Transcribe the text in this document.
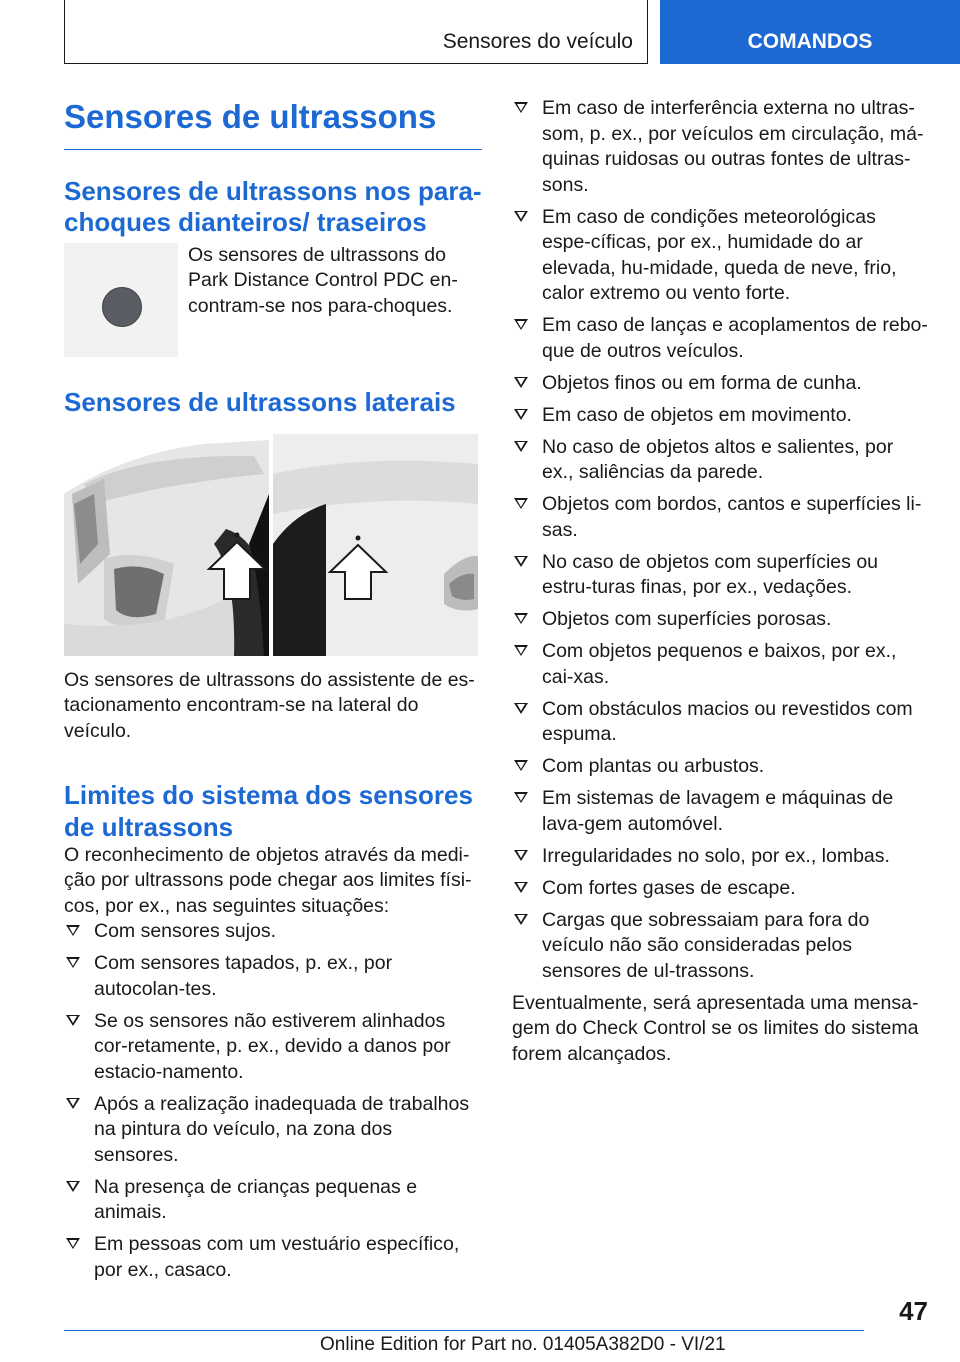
Sensores do veículo	COMANDOS
Sensores de ultrassons
Sensores de ultrassons nos para-choques dianteiros/ traseiros

Os sensores de ultrassons do Park Distance Control PDC en-contram-se nos para-choques.

Sensores de ultrassons laterais

Os sensores de ultrassons do assistente de es-tacionamento encontram-se na lateral do veículo.

Limites do sistema dos sensores de ultrassons

O reconhecimento de objetos através da medi-ção por ultrassons pode chegar aos limites físi-cos, por ex., nas seguintes situações:

Com sensores sujos.
Com sensores tapados, p. ex., por autocolan-tes.
Se os sensores não estiverem alinhados cor-retamente, p. ex., devido a danos por estacio-namento.
Após a realização inadequada de trabalhos na pintura do veículo, na zona dos sensores.
Na presença de crianças pequenas e animais.
Em pessoas com um vestuário específico, por ex., casaco.
Em caso de interferência externa no ultras-som, p. ex., por veículos em circulação, má-quinas ruidosas ou outras fontes de ultras-sons.
Em caso de condições meteorológicas espe-cíficas, por ex., humidade do ar elevada, hu-midade, queda de neve, frio, calor extremo ou vento forte.
Em caso de lanças e acoplamentos de rebo-que de outros veículos.
Objetos finos ou em forma de cunha.
Em caso de objetos em movimento.
No caso de objetos altos e salientes, por ex., saliências da parede.
Objetos com bordos, cantos e superfícies li-sas.
No caso de objetos com superfícies ou estru-turas finas, por ex., vedações.
Objetos com superfícies porosas.
Com objetos pequenos e baixos, por ex., cai-xas.
Com obstáculos macios ou revestidos com espuma.
Com plantas ou arbustos.
Em sistemas de lavagem e máquinas de lava-gem automóvel.
Irregularidades no solo, por ex., lombas.
Com fortes gases de escape.
Cargas que sobressaiam para fora do veículo não são consideradas pelos sensores de ul-trassons.

Eventualmente, será apresentada uma mensa-gem do Check Control se os limites do sistema forem alcançados.

47
Online Edition for Part no. 01405A382D0 - VI/21
